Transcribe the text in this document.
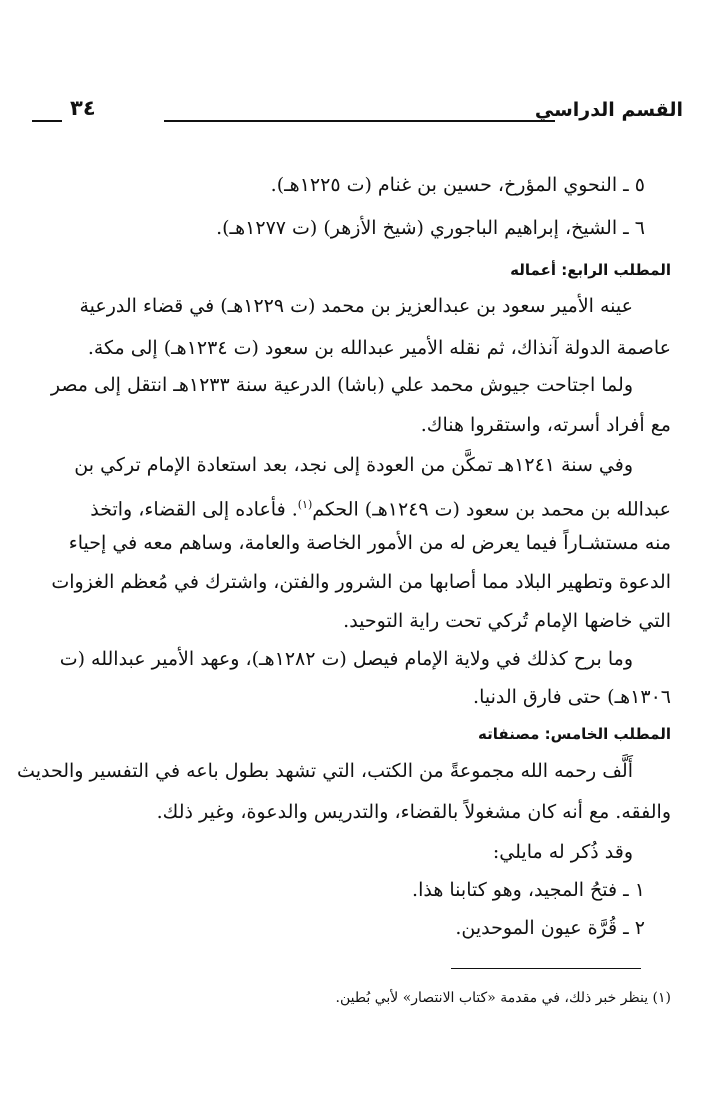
القسم الدراسي
٣٤
٥ ـ النحوي المؤرخ، حسين بن غنام (ت ١٢٢٥هـ).
٦ ـ الشيخ، إبراهيم الباجوري (شيخ الأزهر) (ت ١٢٧٧هـ).
المطلب الرابع: أعماله
عينه الأمير سعود بن عبدالعزيز بن محمد (ت ١٢٢٩هـ) في قضاء الدرعية
عاصمة الدولة آنذاك، ثم نقله الأمير عبدالله بن سعود (ت ١٢٣٤هـ) إلى مكة.
ولما اجتاحت جيوش محمد علي (باشا) الدرعية سنة ١٢٣٣هـ انتقل إلى مصر
مع أفراد أسرته، واستقروا هناك.
وفي سنة ١٢٤١هـ تمكَّن من العودة إلى نجد، بعد استعادة الإمام تركي بن
عبدالله بن محمد بن سعود (ت ١٢٤٩هـ) الحكم$^{(١)}$. فأعاده إلى القضاء، واتخذ
منه مستشـاراً فيما يعرض له من الأمور الخاصة والعامة، وساهم معه في إحياء
الدعوة وتطهير البلاد مما أصابها من الشرور والفتن، واشترك في مُعظم الغزوات
التي خاضها الإمام تُركي تحت راية التوحيد.
وما برح كذلك في ولاية الإمام فيصل (ت ١٢٨٢هـ)، وعهد الأمير عبدالله (ت
١٣٠٦هـ) حتى فارق الدنيا.
المطلب الخامس: مصنفاته
أَلَّف رحمه الله مجموعةً من الكتب، التي تشهد بطول باعه في التفسير والحديث
والفقه. مع أنه كان مشغولاً بالقضاء، والتدريس والدعوة، وغير ذلك.
وقد ذُكر له مايلي:
١ ـ فتحُ المجيد، وهو كتابنا هذا.
٢ ـ قُرَّة عيون الموحدين.
(١) ينظر خبر ذلك، في مقدمة «كتاب الانتصار» لأبي بُطين.
